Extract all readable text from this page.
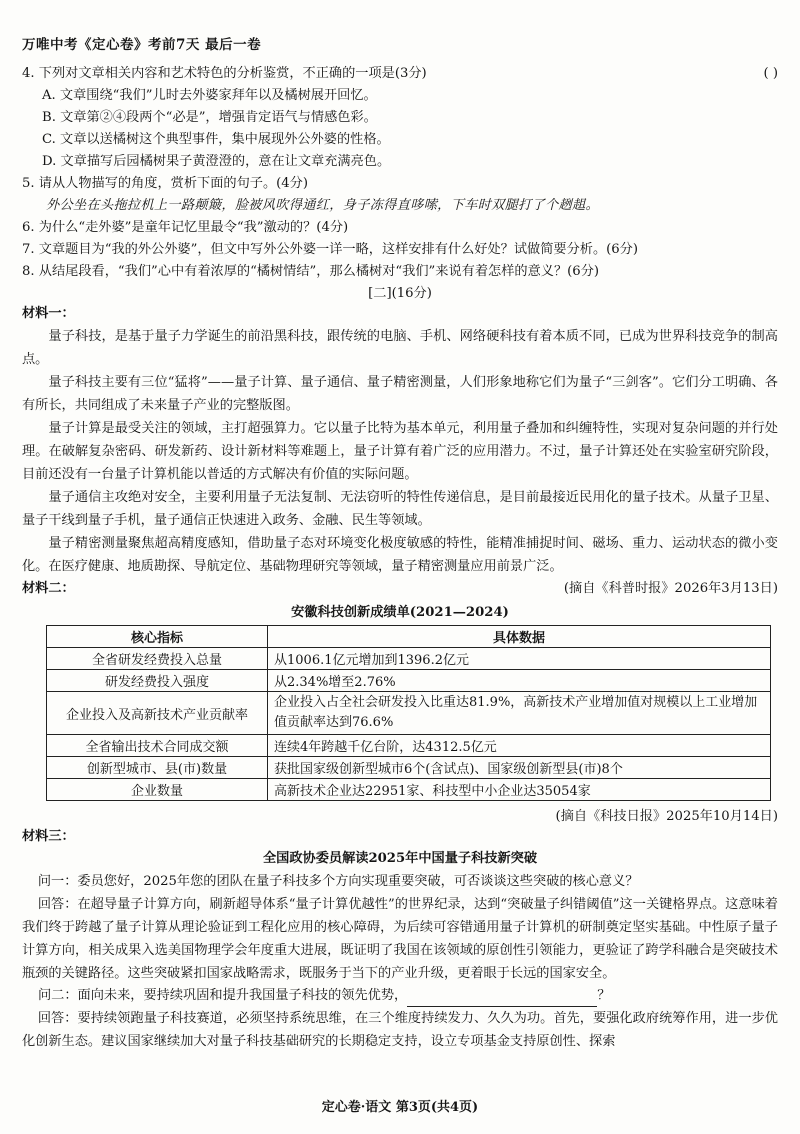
万唯中考《定心卷》考前7天 最后一卷
4. 下列对文章相关内容和艺术特色的分析鉴赏，不正确的一项是(3分)	( )
A. 文章围绕“我们”儿时去外婆家拜年以及橘树展开回忆。
B. 文章第②④段两个“必是”，增强肯定语气与情感色彩。
C. 文章以送橘树这个典型事件，集中展现外公外婆的性格。
D. 文章描写后园橘树果子黄澄澄的，意在让文章充满亮色。
5. 请从人物描写的角度，赏析下面的句子。(4分)
外公坐在头拖拉机上一路颠簸，脸被风吹得通红，身子冻得直哆嗦，下车时双腿打了个趔趄。
6. 为什么“走外婆”是童年记忆里最令“我”激动的？(4分)
7. 文章题目为“我的外公外婆”，但文中写外公外婆一详一略，这样安排有什么好处？试做简要分析。(6分)
8. 从结尾段看，“我们”心中有着浓厚的“橘树情结”，那么橘树对“我们”来说有着怎样的意义？(6分)
[二](16分)
材料一：
量子科技，是基于量子力学诞生的前沿黑科技，跟传统的电脑、手机、网络硬科技有着本质不同，已成为世界科技竞争的制高点。
量子科技主要有三位“猛将”——量子计算、量子通信、量子精密测量，人们形象地称它们为量子“三剑客”。它们分工明确、各有所长，共同组成了未来量子产业的完整版图。
量子计算是最受关注的领域，主打超强算力。它以量子比特为基本单元，利用量子叠加和纠缠特性，实现对复杂问题的并行处理。在破解复杂密码、研发新药、设计新材料等难题上，量子计算有着广泛的应用潜力。不过，量子计算还处在实验室研究阶段，目前还没有一台量子计算机能以普适的方式解决有价值的实际问题。
量子通信主攻绝对安全，主要利用量子无法复制、无法窃听的特性传递信息，是目前最接近民用化的量子技术。从量子卫星、量子干线到量子手机，量子通信正快速进入政务、金融、民生等领域。
量子精密测量聚焦超高精度感知，借助量子态对环境变化极度敏感的特性，能精准捕捉时间、磁场、重力、运动状态的微小变化。在医疗健康、地质勘探、导航定位、基础物理研究等领域，量子精密测量应用前景广泛。
(摘自《科普时报》2026年3月13日)
材料二：
安徽科技创新成绩单(2021—2024)
核心指标	具体数据
全省研发经费投入总量	从1006.1亿元增加到1396.2亿元
研发经费投入强度	从2.34%增至2.76%
企业投入及高新技术产业贡献率	企业投入占全社会研发投入比重达81.9%，高新技术产业增加值对规模以上工业增加值贡献率达到76.6%
全省输出技术合同成交额	连续4年跨越千亿台阶，达4312.5亿元
创新型城市、县(市)数量	获批国家级创新型城市6个(含试点)、国家级创新型县(市)8个
企业数量	高新技术企业达22951家、科技型中小企业达35054家
(摘自《科技日报》2025年10月14日)
材料三：
全国政协委员解读2025年中国量子科技新突破
问一：委员您好，2025年您的团队在量子科技多个方向实现重要突破，可否谈谈这些突破的核心意义？
回答：在超导量子计算方向，刷新超导体系“量子计算优越性”的世界纪录，达到“突破量子纠错阈值”这一关键格界点。这意味着我们终于跨越了量子计算从理论验证到工程化应用的核心障碍，为后续可容错通用量子计算机的研制奠定坚实基础。中性原子量子计算方向，相关成果入选美国物理学会年度重大进展，既证明了我国在该领域的原创性引领能力，更验证了跨学科融合是突破技术瓶颈的关键路径。这些突破紧扣国家战略需求，既服务于当下的产业升级，更着眼于长远的国家安全。
问二：面向未来，要持续巩固和提升我国量子科技的领先优势，	？
回答：要持续领跑量子科技赛道，必须坚持系统思维，在三个维度持续发力、久久为功。首先，要强化政府统筹作用，进一步优化创新生态。建议国家继续加大对量子科技基础研究的长期稳定支持，设立专项基金支持原创性、探索
定心卷·语文 第3页(共4页)
